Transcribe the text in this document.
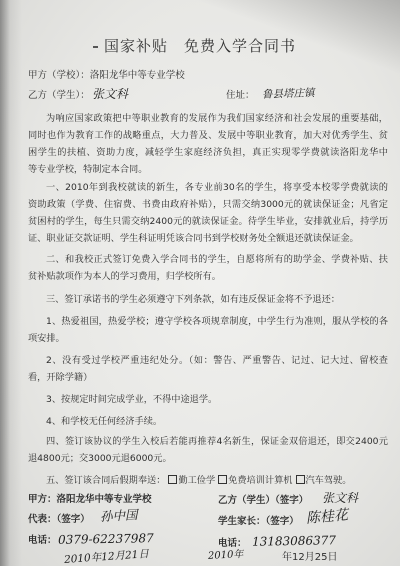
国家补贴　免费入学合同书
甲方（学校）：洛阳龙华中等专业学校
乙方（学生）： 张文科	住址： 鲁县塔庄镇
为响应国家政策把中等职业教育的发展作为我们国家经济和社会发展的重要基础，
同时也作为教育工作的战略重点，大力普及、发展中等职业教育，加大对优秀学生、贫
困学生的扶植、资助力度，减轻学生家庭经济负担，真正实现零学费就读洛阳龙华中
等专业学校，特制定本合同。
一、2010年到我校就读的新生，各专业前30名的学生，将享受本校零学费就读的
资助政策（学费、住宿费、书费由政府补贴），只需交纳3000元的就读保证金；凡省定
贫困村的学生，每生只需交纳2400元的就读保证金。待学生毕业，安排就业后，持学历
证、职业证交款证明、学生科证明凭该合同书到学校财务处全额退还就读保证金。
二、和我校正式签订免费入学合同书的学生，自愿将所有的助学金、学费补贴、扶
贫补贴款项作为本人的学习费用，归学校所有。
三、签订承诺书的学生必须遵守下列条款，如有违反保证金将不予退还：
1、热爱祖国，热爱学校；遵守学校各项规章制度，中学生行为准则，服从学校的各
项安排。
2、没有受过学校严重违纪处分。（如：警告、严重警告、记过、记大过、留校查
看，开除学籍）
3、按规定时间完成学业，不得中途退学。
4、和学校无任何经济手续。
四、签订该协议的学生入校后若能再推荐4名新生，保证金双倍退还，即交2400元
退4800元；交3000元退6000元。
五、签订该合同后假期奉送： 勤工俭学 免费培训计算机 汽车驾驶。
甲方：洛阳龙华中等专业学校
代表：（签字） 孙中国
电话： 0379-62237987
2010年12月21日
乙方（学生）（签字） 张文科
学生家长：（签字） 陈桂花
电话： 13183086377
2010年	年12月25日
